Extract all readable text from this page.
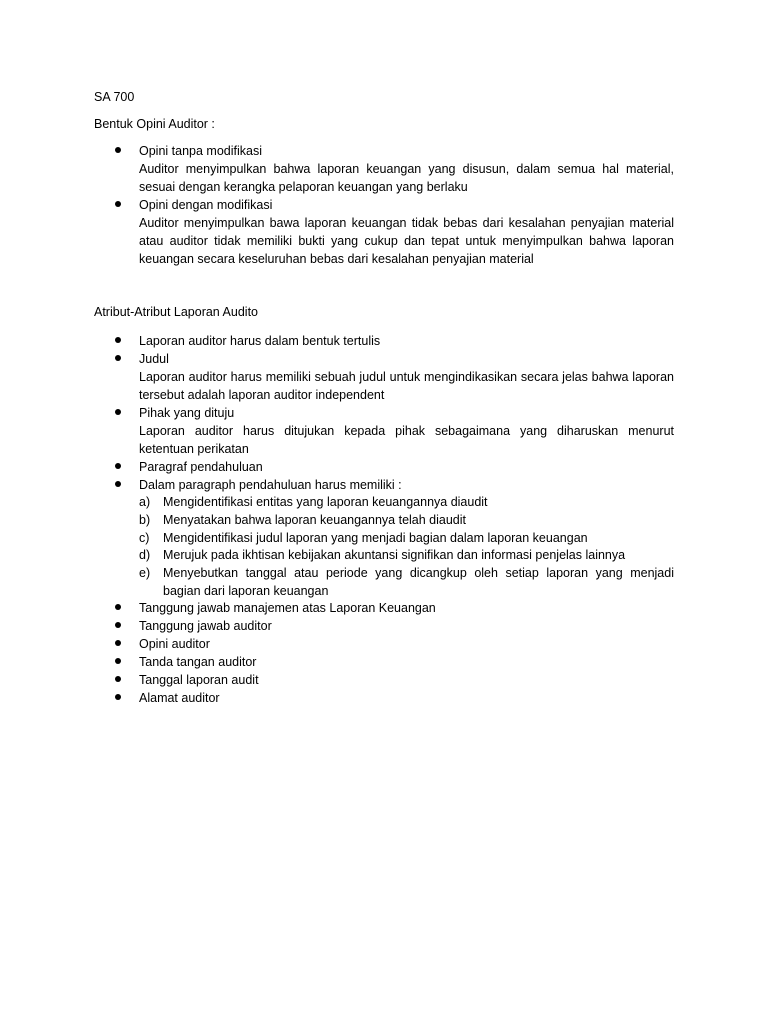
SA 700

Bentuk Opini Auditor :

Opini tanpa modifikasi

Auditor menyimpulkan bahwa laporan keuangan yang disusun, dalam semua hal material, sesuai dengan kerangka pelaporan keuangan yang berlaku

Opini dengan modifikasi

Auditor menyimpulkan bawa laporan keuangan tidak bebas dari kesalahan penyajian material atau auditor tidak memiliki bukti yang cukup dan tepat untuk menyimpulkan bahwa laporan keuangan secara keseluruhan bebas dari kesalahan penyajian material

Atribut-Atribut Laporan Audito

Laporan auditor harus dalam bentuk tertulis
Judul

Laporan auditor harus memiliki sebuah judul untuk mengindikasikan secara jelas bahwa laporan tersebut adalah laporan auditor independent

Pihak yang dituju

Laporan auditor harus ditujukan kepada pihak sebagaimana yang diharuskan menurut ketentuan perikatan

Paragraf pendahuluan
Dalam paragraph pendahuluan harus memiliki :
a) Mengidentifikasi entitas yang laporan keuangannya diaudit

b) Menyatakan bahwa laporan keuangannya telah diaudit

c) Mengidentifikasi judul laporan yang menjadi bagian dalam laporan keuangan

d) Merujuk pada ikhtisan kebijakan akuntansi signifikan dan informasi penjelas lainnya

e) Menyebutkan tanggal atau periode yang dicangkup oleh setiap laporan yang menjadi bagian dari laporan keuangan

Tanggung jawab manajemen atas Laporan Keuangan
Tanggung jawab auditor
Opini auditor
Tanda tangan auditor
Tanggal laporan audit
Alamat auditor
